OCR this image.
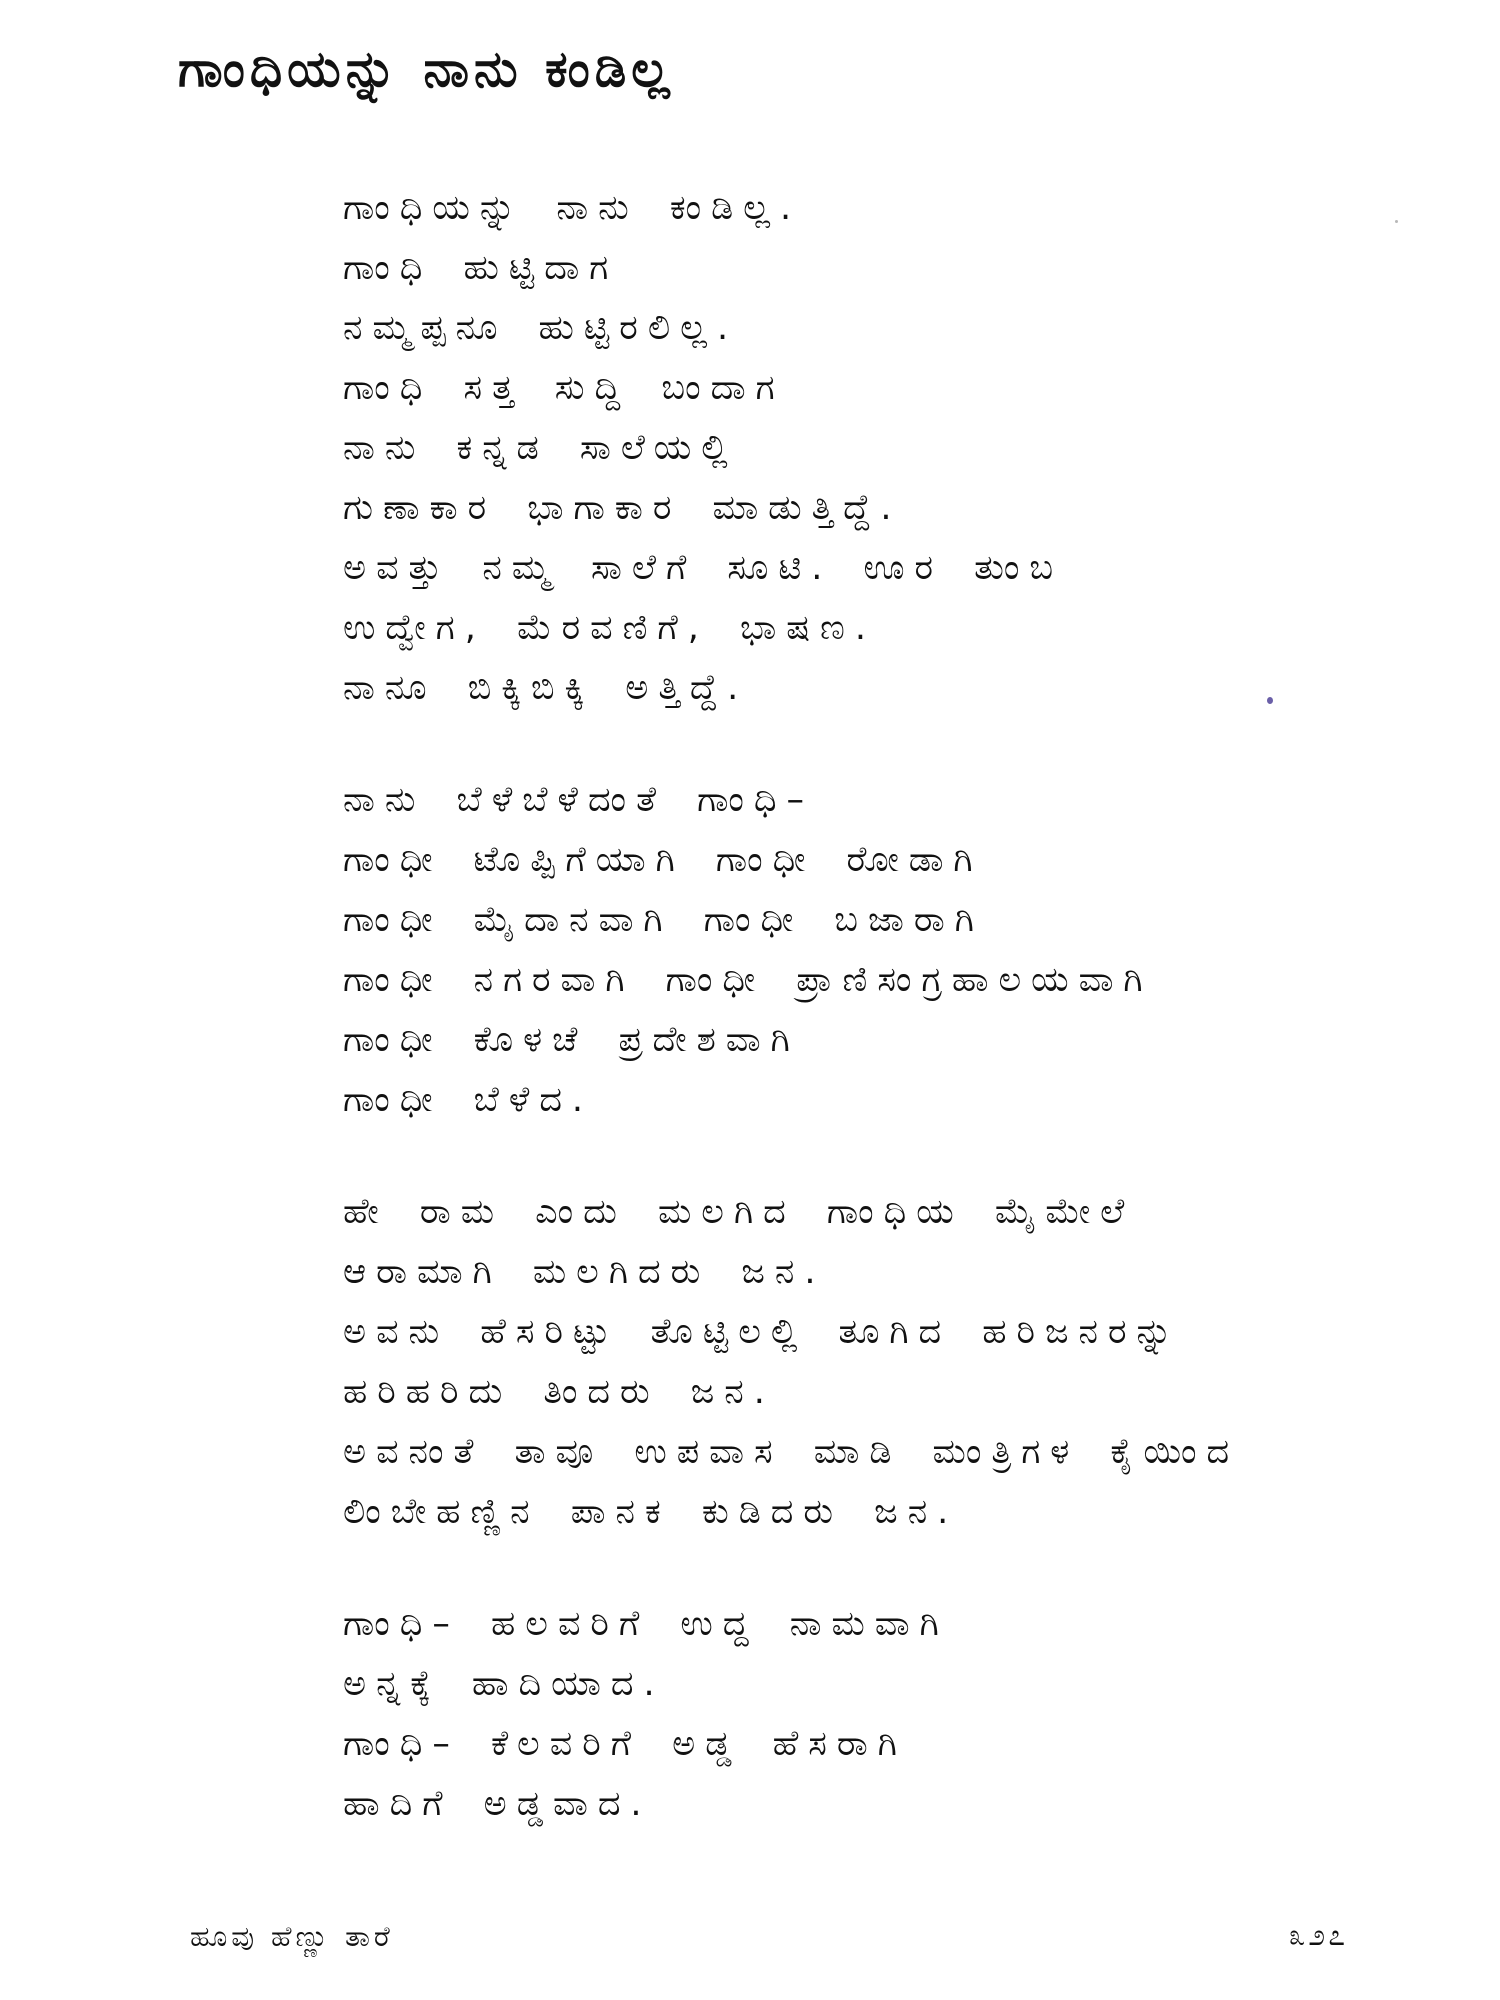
ಗಾಂಧಿಯನ್ನು ನಾನು ಕಂಡಿಲ್ಲ
ಗಾಂಧಿಯನ್ನು ನಾನು ಕಂಡಿಲ್ಲ.
ಗಾಂಧಿ ಹುಟ್ಟಿದಾಗ
ನಮ್ಮಪ್ಪನೂ ಹುಟ್ಟಿರಲಿಲ್ಲ.
ಗಾಂಧಿ ಸತ್ತ ಸುದ್ದಿ ಬಂದಾಗ
ನಾನು ಕನ್ನಡ ಸಾಲೆಯಲ್ಲಿ
ಗುಣಾಕಾರ ಭಾಗಾಕಾರ ಮಾಡುತ್ತಿದ್ದೆ.
ಅವತ್ತು ನಮ್ಮ ಸಾಲೆಗೆ ಸೂಟಿ. ಊರ ತುಂಬ
ಉದ್ವೇಗ, ಮೆರವಣಿಗೆ, ಭಾಷಣ.
ನಾನೂ ಬಿಕ್ಕಿಬಿಕ್ಕಿ ಅತ್ತಿದ್ದೆ.
ನಾನು ಬೆಳೆಬೆಳೆದಂತೆ ಗಾಂಧಿ–
ಗಾಂಧೀ ಟೊಪ್ಪಿಗೆಯಾಗಿ ಗಾಂಧೀ ರೋಡಾಗಿ
ಗಾಂಧೀ ಮೈದಾನವಾಗಿ ಗಾಂಧೀ ಬಜಾರಾಗಿ
ಗಾಂಧೀ ನಗರವಾಗಿ ಗಾಂಧೀ ಪ್ರಾಣಿಸಂಗ್ರಹಾಲಯವಾಗಿ
ಗಾಂಧೀ ಕೊಳಚೆ ಪ್ರದೇಶವಾಗಿ
ಗಾಂಧೀ ಬೆಳೆದ.
ಹೇ ರಾಮ ಎಂದು ಮಲಗಿದ ಗಾಂಧಿಯ ಮೈಮೇಲೆ
ಆರಾಮಾಗಿ ಮಲಗಿದರು ಜನ.
ಅವನು ಹೆಸರಿಟ್ಟು ತೊಟ್ಟಿಲಲ್ಲಿ ತೂಗಿದ ಹರಿಜನರನ್ನು
ಹರಿಹರಿದು ತಿಂದರು ಜನ.
ಅವನಂತೆ ತಾವೂ ಉಪವಾಸ ಮಾಡಿ ಮಂತ್ರಿಗಳ ಕೈಯಿಂದ
ಲಿಂಬೇಹಣ್ಣಿನ ಪಾನಕ ಕುಡಿದರು ಜನ.
ಗಾಂಧಿ– ಹಲವರಿಗೆ ಉದ್ದ ನಾಮವಾಗಿ
ಅನ್ನಕ್ಕೆ ಹಾದಿಯಾದ.
ಗಾಂಧಿ– ಕೆಲವರಿಗೆ ಅಡ್ಡ ಹೆಸರಾಗಿ
ಹಾದಿಗೆ ಅಡ್ಡವಾದ.
ಹೂವು ಹೆಣ್ಣು ತಾರೆ	೩೨೭
